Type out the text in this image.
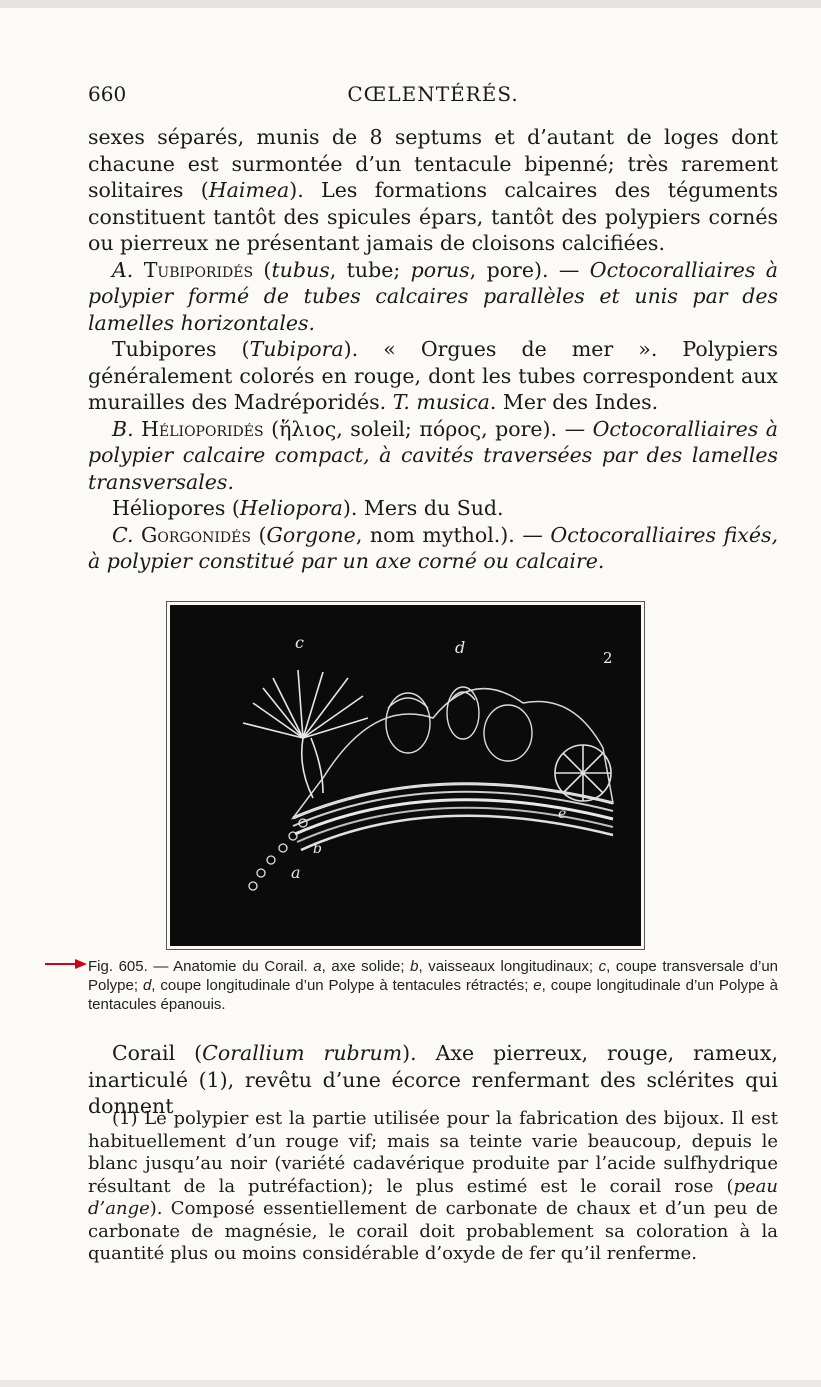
660	CŒLENTÉRÉS.

sexes séparés, munis de 8 septums et d’autant de loges dont chacune est surmontée d’un tentacule bipenné; très rarement solitaires (Haimea). Les formations calcaires des téguments constituent tantôt des spicules épars, tantôt des polypiers cornés ou pierreux ne présentant jamais de cloisons calcifiées.

A. Tubiporidés (tubus, tube; porus, pore). — Octocoralliaires à polypier formé de tubes calcaires parallèles et unis par des lamelles horizontales.

Tubipores (Tubipora). « Orgues de mer ». Polypiers généralement colorés en rouge, dont les tubes correspondent aux murailles des Madréporidés. T. musica. Mer des Indes.

B. Hélioporidés (ἥλιος, soleil; πόρος, pore). — Octocoralliaires à polypier calcaire compact, à cavités traversées par des lamelles transversales.

Héliopores (Heliopora). Mers du Sud.

C. Gorgonidés (Gorgone, nom mythol.). — Octocoralliaires fixés, à polypier constitué par un axe corné ou calcaire.

c	d
2
a
b
e
Fig. 605. — Anatomie du Corail. a, axe solide; b, vaisseaux longitudinaux; c, coupe transversale d’un Polype; d, coupe longitudinale d’un Polype à tentacules rétractés; e, coupe longitudinale d’un Polype à tentacules épanouis.

Corail (Corallium rubrum). Axe pierreux, rouge, rameux, inarticulé (1), revêtu d’une écorce renfermant des sclérites qui donnent

(1) Le polypier est la partie utilisée pour la fabrication des bijoux. Il est habituellement d’un rouge vif; mais sa teinte varie beaucoup, depuis le blanc jusqu’au noir (variété cadavérique produite par l’acide sulfhydrique résultant de la putréfaction); le plus estimé est le corail rose (peau d’ange). Composé essentiellement de carbonate de chaux et d’un peu de carbonate de magnésie, le corail doit probablement sa coloration à la quantité plus ou moins considérable d’oxyde de fer qu’il renferme.
